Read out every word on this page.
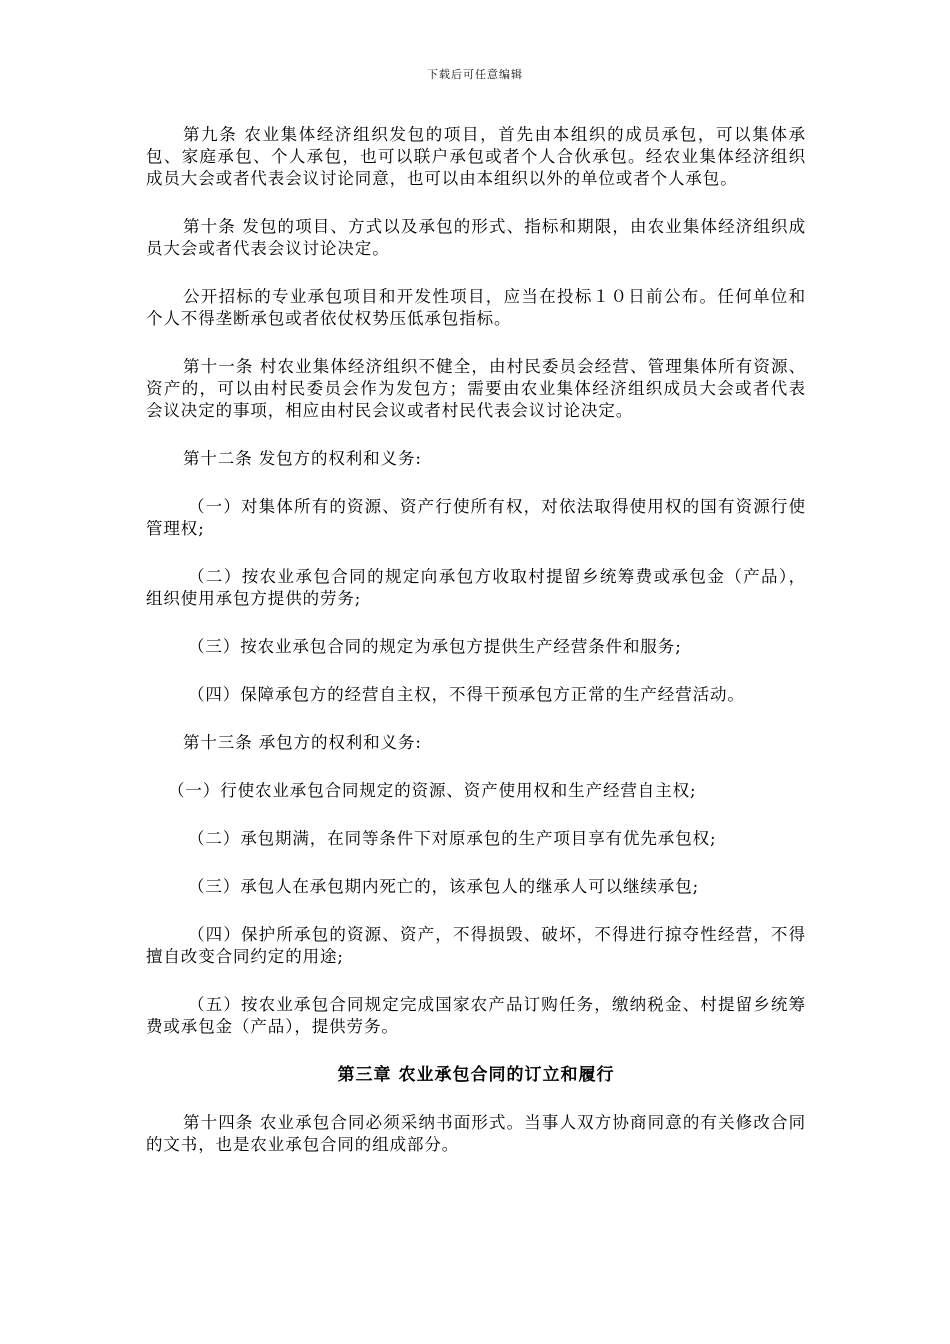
下载后可任意编辑

第九条 农业集体经济组织发包的项目，首先由本组织的成员承包，可以集体承包、家庭承包、个人承包，也可以联户承包或者个人合伙承包。经农业集体经济组织成员大会或者代表会议讨论同意，也可以由本组织以外的单位或者个人承包。

第十条 发包的项目、方式以及承包的形式、指标和期限，由农业集体经济组织成员大会或者代表会议讨论决定。

公开招标的专业承包项目和开发性项目，应当在投标１０日前公布。任何单位和个人不得垄断承包或者依仗权势压低承包指标。

第十一条 村农业集体经济组织不健全，由村民委员会经营、管理集体所有资源、资产的，可以由村民委员会作为发包方；需要由农业集体经济组织成员大会或者代表会议决定的事项，相应由村民会议或者村民代表会议讨论决定。

第十二条 发包方的权利和义务:

（一）对集体所有的资源、资产行使所有权，对依法取得使用权的国有资源行使管理权;

（二）按农业承包合同的规定向承包方收取村提留乡统筹费或承包金（产品），组织使用承包方提供的劳务;

（三）按农业承包合同的规定为承包方提供生产经营条件和服务;

（四）保障承包方的经营自主权，不得干预承包方正常的生产经营活动。

第十三条 承包方的权利和义务:

（一）行使农业承包合同规定的资源、资产使用权和生产经营自主权;

（二）承包期满，在同等条件下对原承包的生产项目享有优先承包权;

（三）承包人在承包期内死亡的，该承包人的继承人可以继续承包;

（四）保护所承包的资源、资产，不得损毁、破坏，不得进行掠夺性经营，不得擅自改变合同约定的用途;

（五）按农业承包合同规定完成国家农产品订购任务，缴纳税金、村提留乡统筹费或承包金（产品），提供劳务。

第三章 农业承包合同的订立和履行

第十四条 农业承包合同必须采纳书面形式。当事人双方协商同意的有关修改合同的文书，也是农业承包合同的组成部分。
